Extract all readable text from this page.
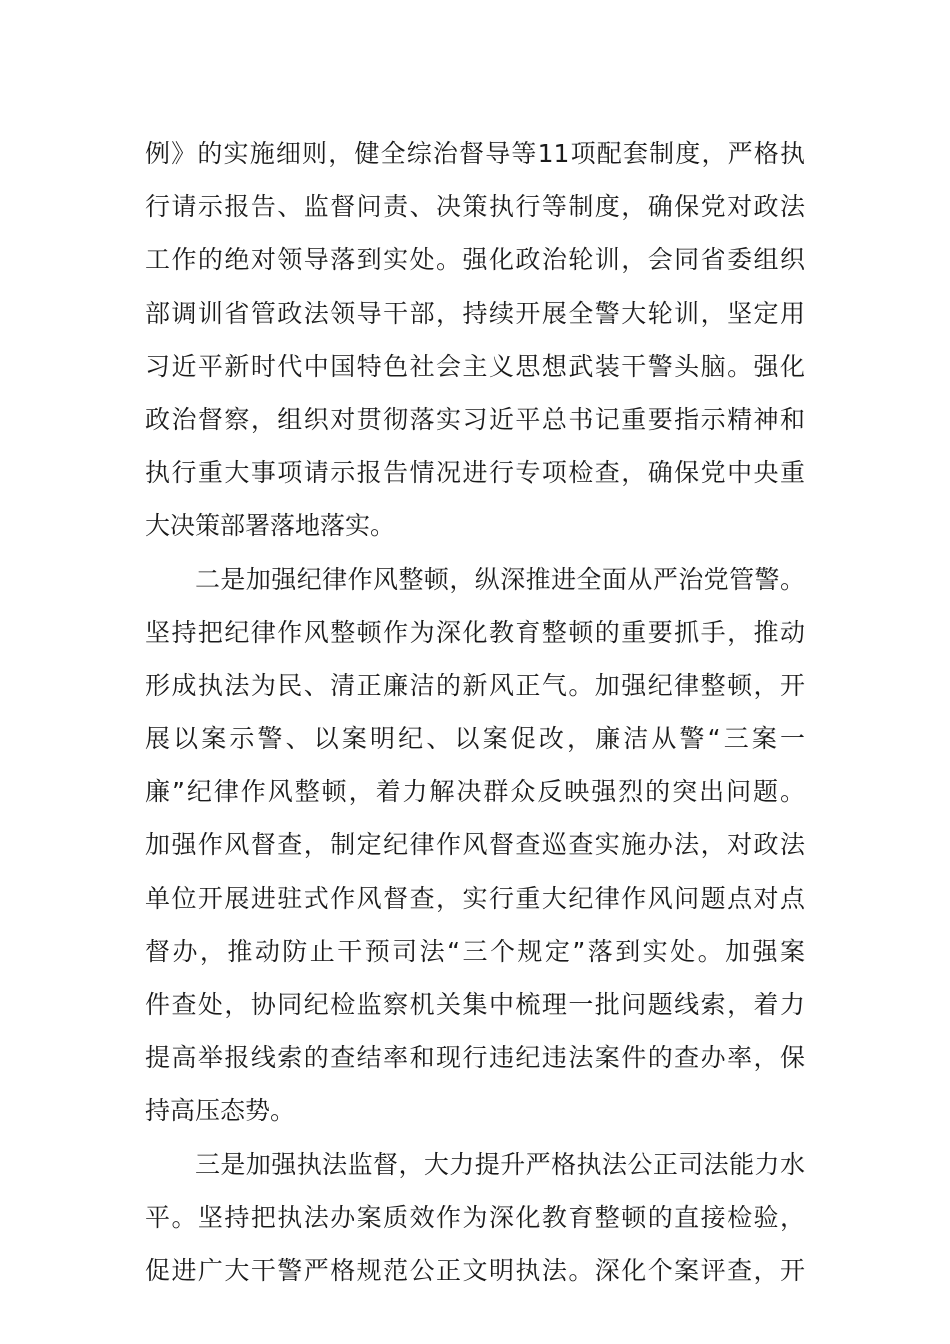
例》的实施细则，健全综治督导等11项配套制度，严格执
行请示报告、监督问责、决策执行等制度，确保党对政法
工作的绝对领导落到实处。强化政治轮训，会同省委组织
部调训省管政法领导干部，持续开展全警大轮训，坚定用
习近平新时代中国特色社会主义思想武装干警头脑。强化
政治督察，组织对贯彻落实习近平总书记重要指示精神和
执行重大事项请示报告情况进行专项检查，确保党中央重
大决策部署落地落实。
二是加强纪律作风整顿，纵深推进全面从严治党管警。
坚持把纪律作风整顿作为深化教育整顿的重要抓手，推动
形成执法为民、清正廉洁的新风正气。加强纪律整顿，开
展以案示警、以案明纪、以案促改，廉洁从警“三案一
廉”纪律作风整顿，着力解决群众反映强烈的突出问题。
加强作风督查，制定纪律作风督查巡查实施办法，对政法
单位开展进驻式作风督查，实行重大纪律作风问题点对点
督办，推动防止干预司法“三个规定”落到实处。加强案
件查处，协同纪检监察机关集中梳理一批问题线索，着力
提高举报线索的查结率和现行违纪违法案件的查办率，保
持高压态势。
三是加强执法监督，大力提升严格执法公正司法能力水
平。坚持把执法办案质效作为深化教育整顿的直接检验，
促进广大干警严格规范公正文明执法。深化个案评查，开
